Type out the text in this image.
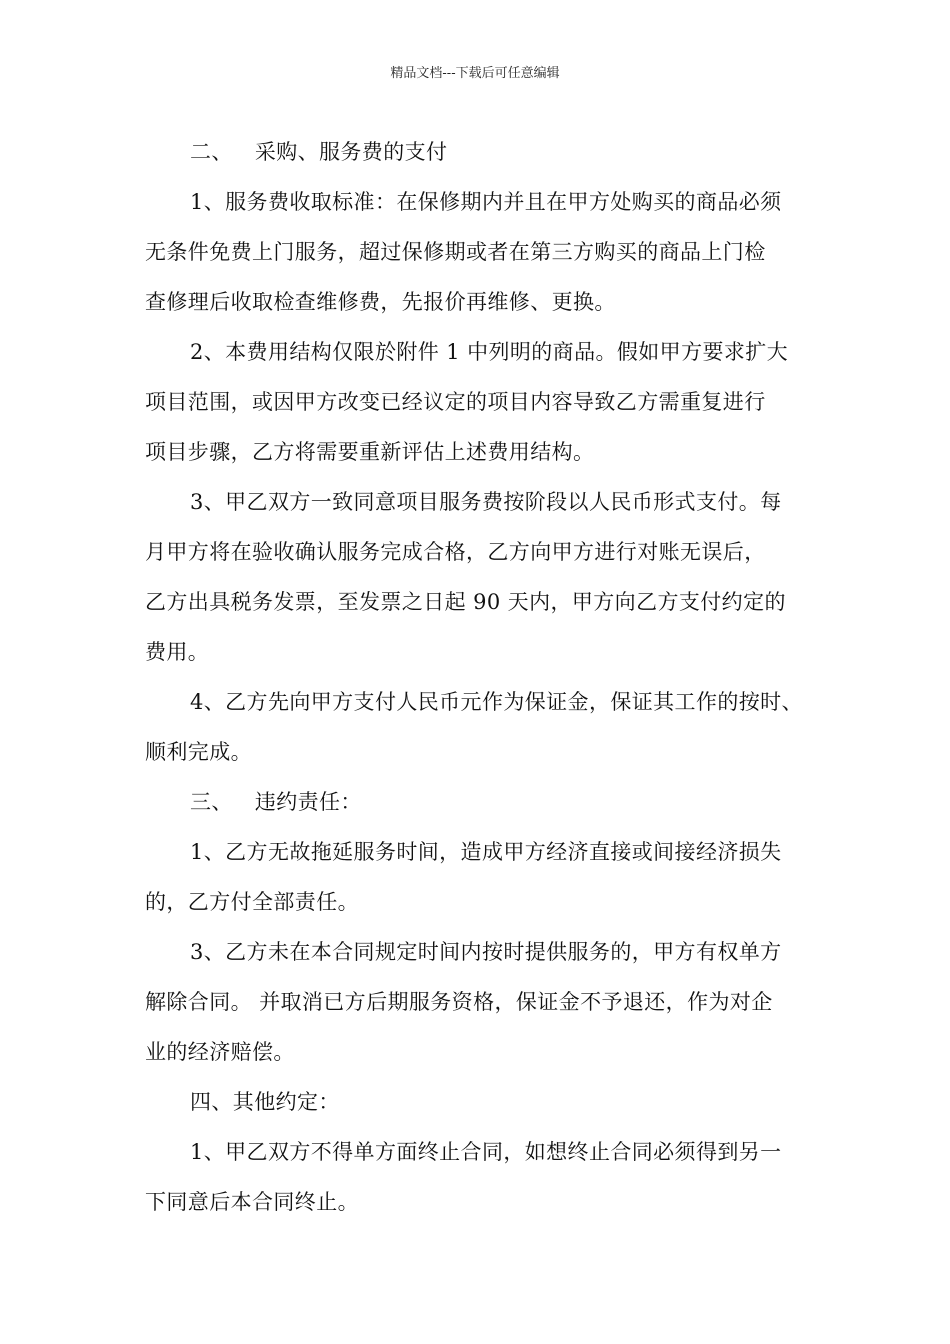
精品文档---下载后可任意编辑
二、 采购、服务费的支付
1、服务费收取标准：在保修期内并且在甲方处购买的商品必须
无条件免费上门服务，超过保修期或者在第三方购买的商品上门检
查修理后收取检查维修费，先报价再维修、更换。
2、本费用结构仅限於附件 1 中列明的商品。假如甲方要求扩大
项目范围，或因甲方改变已经议定的项目内容导致乙方需重复进行
项目步骤，乙方将需要重新评估上述费用结构。
3、甲乙双方一致同意项目服务费按阶段以人民币形式支付。每
月甲方将在验收确认服务完成合格，乙方向甲方进行对账无误后，
乙方出具税务发票，至发票之日起 90 天内，甲方向乙方支付约定的
费用。
4、乙方先向甲方支付人民币元作为保证金，保证其工作的按时、
顺利完成。
三、 违约责任：
1、乙方无故拖延服务时间，造成甲方经济直接或间接经济损失
的，乙方付全部责任。
3、乙方未在本合同规定时间内按时提供服务的，甲方有权单方
解除合同。 并取消已方后期服务资格，保证金不予退还，作为对企
业的经济赔偿。
四、其他约定：
1、甲乙双方不得单方面终止合同，如想终止合同必须得到另一
下同意后本合同终止。
